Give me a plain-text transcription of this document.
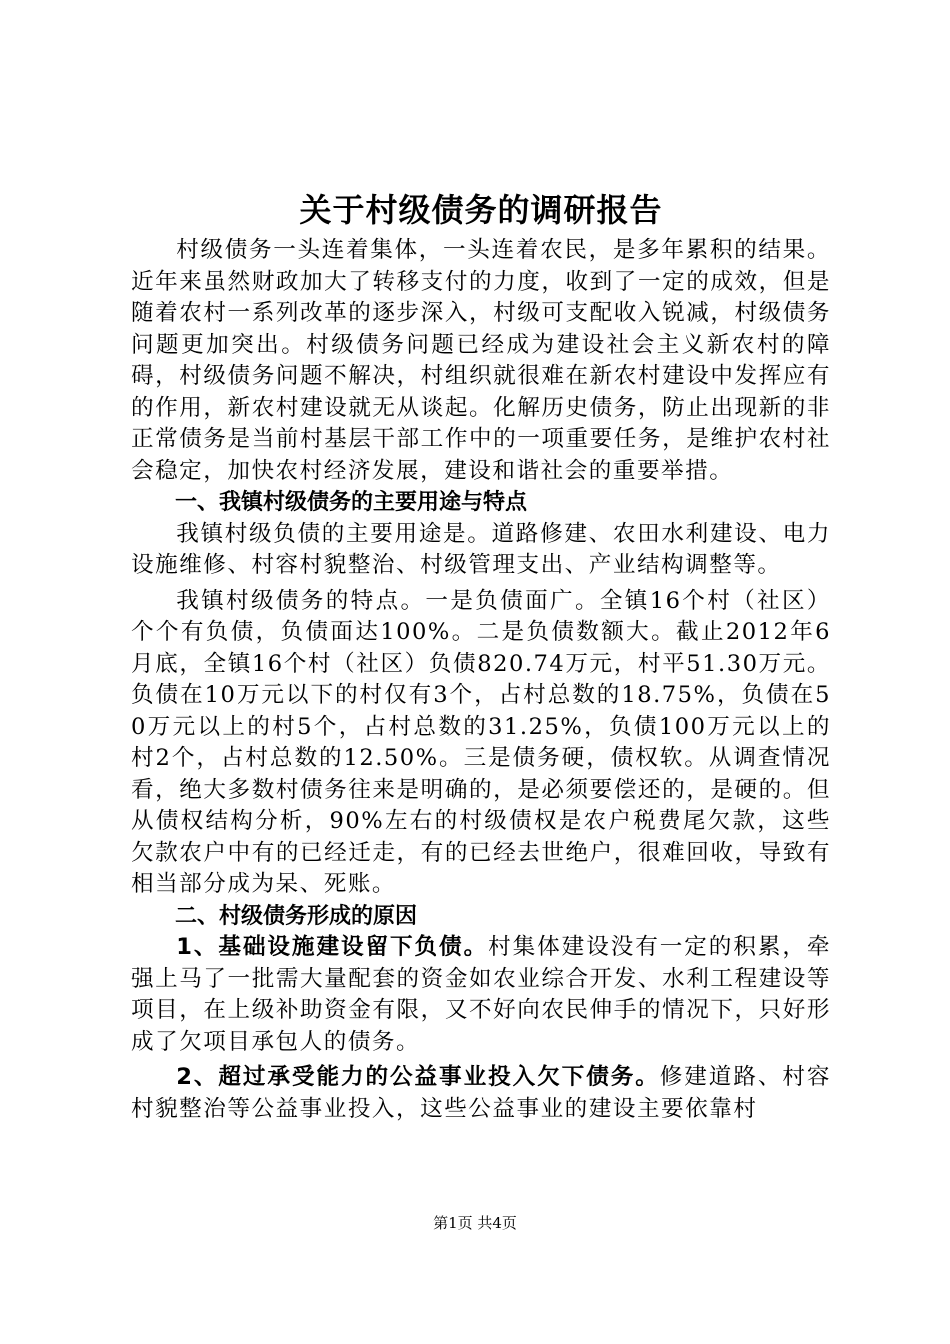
关于村级债务的调研报告

村级债务一头连着集体，一头连着农民，是多年累积的结果。近年来虽然财政加大了转移支付的力度，收到了一定的成效，但是随着农村一系列改革的逐步深入，村级可支配收入锐减，村级债务问题更加突出。村级债务问题已经成为建设社会主义新农村的障碍，村级债务问题不解决，村组织就很难在新农村建设中发挥应有的作用，新农村建设就无从谈起。化解历史债务，防止出现新的非正常债务是当前村基层干部工作中的一项重要任务，是维护农村社会稳定，加快农村经济发展，建设和谐社会的重要举措。

一、我镇村级债务的主要用途与特点

我镇村级负债的主要用途是。道路修建、农田水利建设、电力设施维修、村容村貌整治、村级管理支出、产业结构调整等。

我镇村级债务的特点。一是负债面广。全镇16个村（社区）个个有负债，负债面达100%。二是负债数额大。截止2012年6月底，全镇16个村（社区）负债820.74万元，村平51.30万元。负债在10万元以下的村仅有3个，占村总数的18.75%，负债在50万元以上的村5个，占村总数的31.25%，负债100万元以上的村2个，占村总数的12.50%。三是债务硬，债权软。从调查情况看，绝大多数村债务往来是明确的，是必须要偿还的，是硬的。但从债权结构分析，90%左右的村级债权是农户税费尾欠款，这些欠款农户中有的已经迁走，有的已经去世绝户，很难回收，导致有相当部分成为呆、死账。

二、村级债务形成的原因

1、基础设施建设留下负债。村集体建设没有一定的积累，牵强上马了一批需大量配套的资金如农业综合开发、水利工程建设等项目，在上级补助资金有限，又不好向农民伸手的情况下，只好形成了欠项目承包人的债务。

2、超过承受能力的公益事业投入欠下债务。修建道路、村容村貌整治等公益事业投入，这些公益事业的建设主要依靠村

第1页 共4页
